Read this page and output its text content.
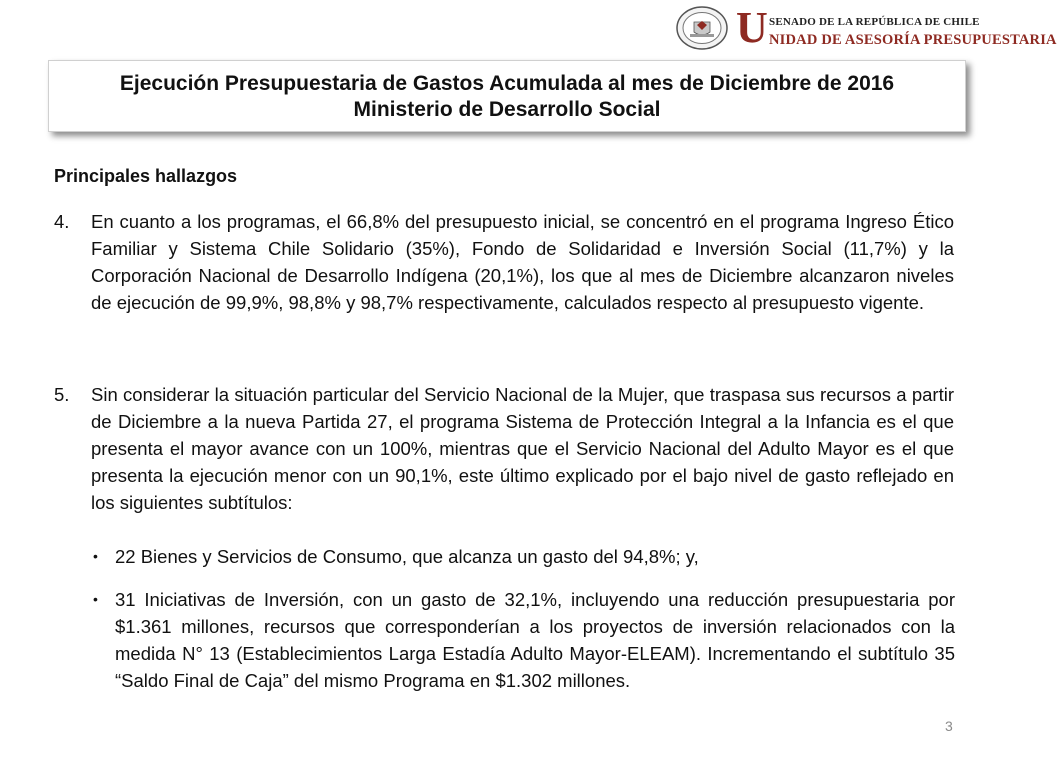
U SENADO DE LA REPÚBLICA DE CHILE
NIDAD DE ASESORÍA PRESUPUESTARIA
Ejecución Presupuestaria de Gastos Acumulada al mes de Diciembre de 2016
Ministerio de Desarrollo Social
Principales hallazgos
4.	En cuanto a los programas, el 66,8% del presupuesto inicial, se concentró en el programa Ingreso Ético Familiar y Sistema Chile Solidario (35%), Fondo de Solidaridad e Inversión Social (11,7%) y la Corporación Nacional de Desarrollo Indígena (20,1%), los que al mes de Diciembre alcanzaron niveles de ejecución de 99,9%, 98,8% y 98,7% respectivamente, calculados respecto al presupuesto vigente.
5.	Sin considerar la situación particular del Servicio Nacional de la Mujer, que traspasa sus recursos a partir de Diciembre a la nueva Partida 27, el programa Sistema de Protección Integral a la Infancia es el que presenta el mayor avance con un 100%, mientras que el Servicio Nacional del Adulto Mayor es el que presenta la ejecución menor con un 90,1%, este último explicado por el bajo nivel de gasto reflejado en los siguientes subtítulos:
• 22 Bienes y Servicios de Consumo, que alcanza un gasto del 94,8%; y,
• 31 Iniciativas de Inversión, con un gasto de 32,1%, incluyendo una reducción presupuestaria por $1.361 millones, recursos que corresponderían a los proyectos de inversión relacionados con la medida N° 13 (Establecimientos Larga Estadía Adulto Mayor-ELEAM). Incrementando el subtítulo 35 “Saldo Final de Caja” del mismo Programa en $1.302 millones.
3
